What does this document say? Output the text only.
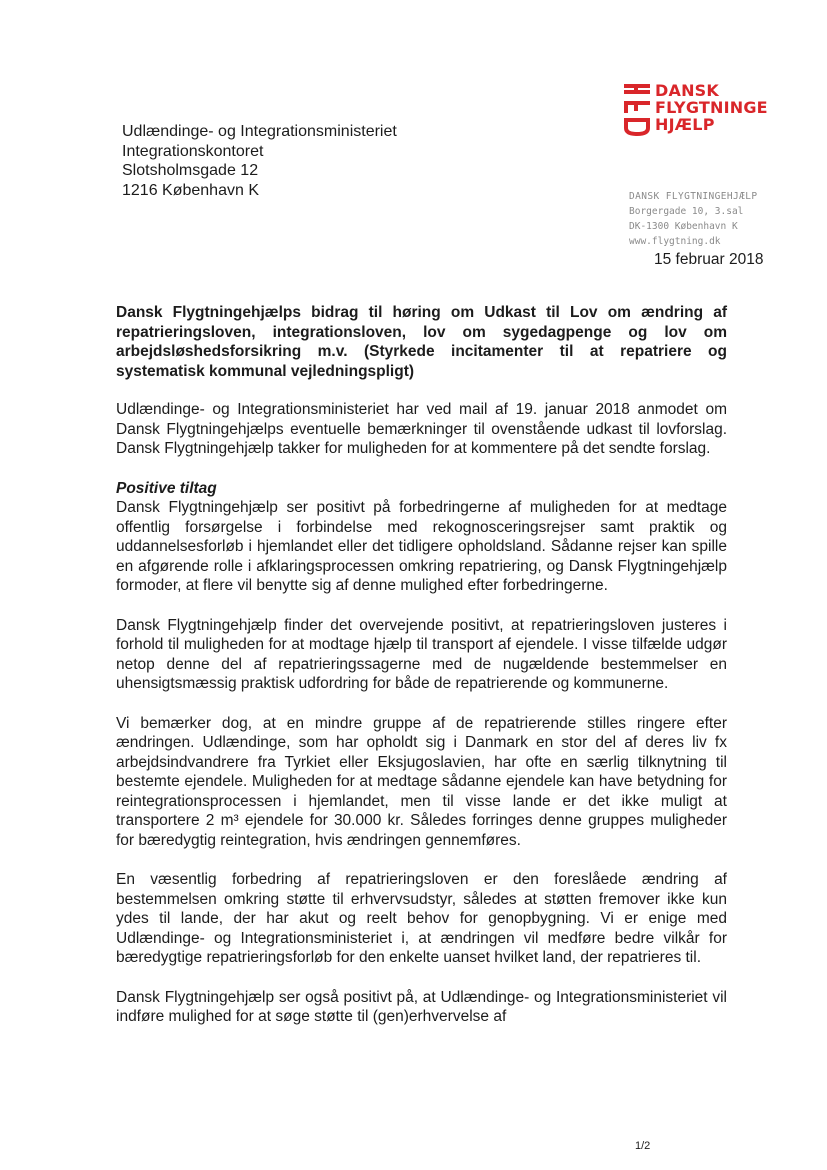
Udlændinge- og Integrationsministeriet
Integrationskontoret
Slotsholmsgade 12
1216 København K
DANSK
FLYGTNINGE
HJÆLP
DANSK FLYGTNINGEHJÆLP
Borgergade 10, 3.sal
DK-1300 København K
www.flygtning.dk
15 februar 2018
Dansk Flygtningehjælps bidrag til høring om Udkast til Lov om ændring af repatrieringsloven, integrationsloven, lov om sygedagpenge og lov om arbejdsløshedsforsikring m.v. (Styrkede incitamenter til at repatriere og systematisk kommunal vejledningspligt)

Udlændinge- og Integrationsministeriet har ved mail af 19. januar 2018 anmodet om Dansk Flygtningehjælps eventuelle bemærkninger til ovenstående udkast til lovforslag. Dansk Flygtningehjælp takker for muligheden for at kommentere på det sendte forslag.

Positive tiltag

Dansk Flygtningehjælp ser positivt på forbedringerne af muligheden for at medtage offentlig forsørgelse i forbindelse med rekognosceringsrejser samt praktik og uddannelsesforløb i hjemlandet eller det tidligere opholdsland. Sådanne rejser kan spille en afgørende rolle i afklaringsprocessen omkring repatriering, og Dansk Flygtningehjælp formoder, at flere vil benytte sig af denne mulighed efter forbedringerne.

Dansk Flygtningehjælp finder det overvejende positivt, at repatrieringsloven justeres i forhold til muligheden for at modtage hjælp til transport af ejendele. I visse tilfælde udgør netop denne del af repatrieringssagerne med de nugældende bestemmelser en uhensigtsmæssig praktisk udfordring for både de repatrierende og kommunerne.

Vi bemærker dog, at en mindre gruppe af de repatrierende stilles ringere efter ændringen. Udlændinge, som har opholdt sig i Danmark en stor del af deres liv fx arbejdsindvandrere fra Tyrkiet eller Eksjugoslavien, har ofte en særlig tilknytning til bestemte ejendele. Muligheden for at medtage sådanne ejendele kan have betydning for reintegrationsprocessen i hjemlandet, men til visse lande er det ikke muligt at transportere 2 m³ ejendele for 30.000 kr. Således forringes denne gruppes muligheder for bæredygtig reintegration, hvis ændringen gennemføres.

En væsentlig forbedring af repatrieringsloven er den foreslåede ændring af bestemmelsen omkring støtte til erhvervsudstyr, således at støtten fremover ikke kun ydes til lande, der har akut og reelt behov for genopbygning. Vi er enige med Udlændinge- og Integrationsministeriet i, at ændringen vil medføre bedre vilkår for bæredygtige repatrieringsforløb for den enkelte uanset hvilket land, der repatrieres til.

Dansk Flygtningehjælp ser også positivt på, at Udlændinge- og Integrationsministeriet vil indføre mulighed for at søge støtte til (gen)erhvervelse af

1/2
